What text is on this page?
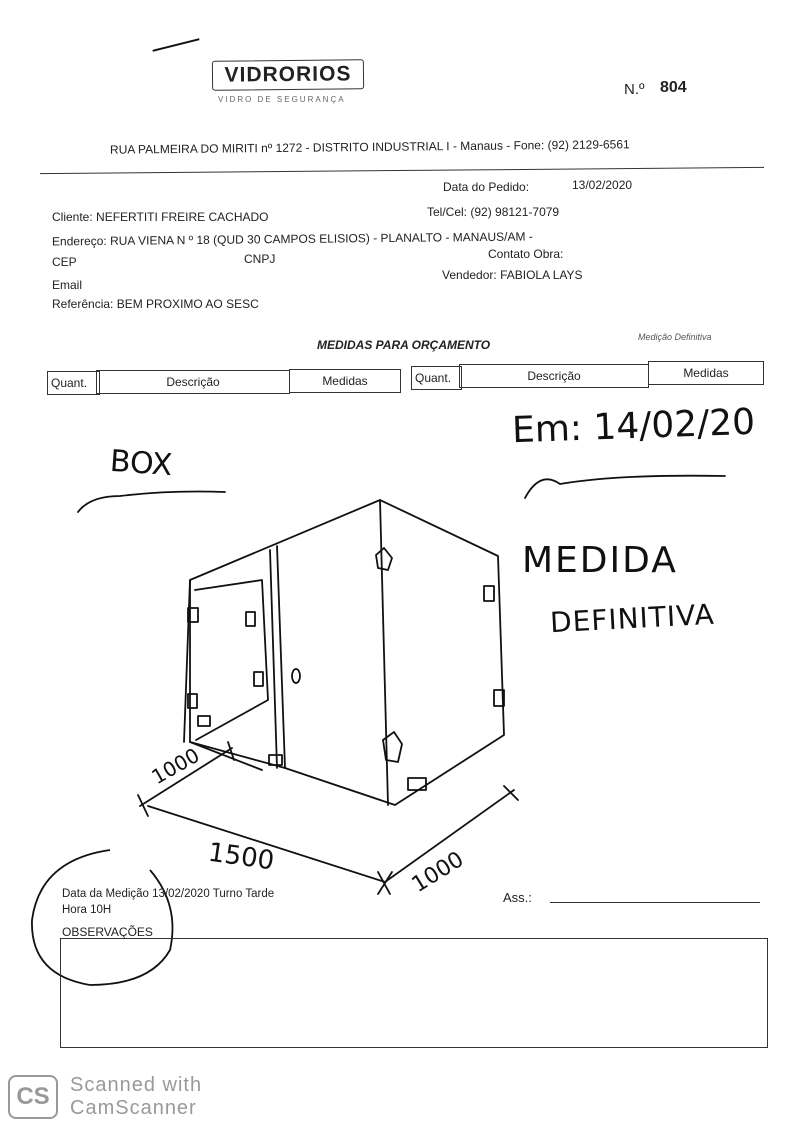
VIDRORIOS
VIDRO DE SEGURANÇA
N.º 804
RUA PALMEIRA DO MIRITI nº 1272 - DISTRITO INDUSTRIAL I - Manaus - Fone: (92) 2129-6561
Data do Pedido:	13/02/2020
Cliente: NEFERTITI FREIRE CACHADO	Tel/Cel: (92) 98121-7079
Endereço: RUA VIENA N º 18 (QUD 30 CAMPOS ELISIOS) - PLANALTO - MANAUS/AM -
CEP	CNPJ	Contato Obra:
Email
Vendedor: FABIOLA LAYS
Referência: BEM PROXIMO AO SESC
MEDIDAS PARA ORÇAMENTO
Medição Definitiva
Quant.	Descrição	Medidas	Quant.	Descrição	Medidas
Em: 14/02/20
BOX
MEDIDA
DEFINITIVA
1000
1500	1000
Data da Medição 13/02/2020 Turno Tarde
Hora 10H
OBSERVAÇÕES
Ass.:
CS	Scanned with
CamScanner
